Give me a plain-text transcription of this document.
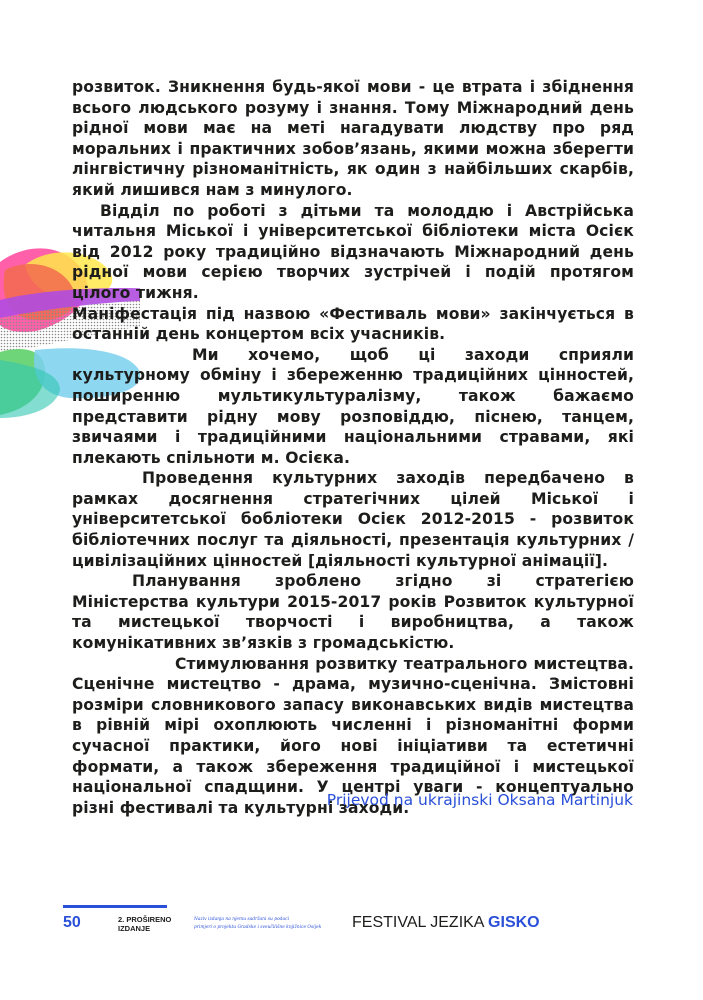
розвиток. Зникнення будь-якої мови - це втрата і збіднення всього людського розуму і знання. Тому Міжнародний день рідної мови має на меті нагадувати людству про ряд моральних і практичних зобов’язань, якими можна зберегти лінгвістичну різноманітність, як один з найбільших скарбів, який лишився нам з минулого.

Відділ по роботі з дітьми та молоддю і Австрійська читальня Міської і університетської бібліотеки міста Осієк від 2012 року традиційно відзначають Міжнародний день рідної мови серією творчих зустрічей і подій протягом цілого тижня.

Маніфестація під назвою «Фестиваль мови» закінчується в останній день концертом всіх учасників.

Ми хочемо, щоб ці заходи сприяли культурному обміну і збереженню традиційних цінностей, поширенню мультикультуралізму, також бажаємо представити рідну мову розповіддю, піснею, танцем, звичаями і традиційними національними стравами, які плекають спільноти м. Осієка.

Проведення культурних заходів передбачено в рамках досягнення стратегічних цілей Міської і університетської бобліотеки Осієк 2012-2015 - розвиток бібліотечних послуг та діяльності, презентація культурних / цивілізаційних цінностей [діяльності культурної анімації].

Планування зроблено згідно зі стратегією Міністерства культури 2015-2017 років Розвиток культурної та мистецької творчості і виробництва, а також комунікативних зв’язків з громадськістю.

Стимулювання розвитку театрального мистецтва. Сценічне мистецтво - драма, музично-сценічна. Змістовні розміри словникового запасу виконавських видів мистецтва в рівній мірі охоплюють численні і різноманітні форми сучасної практики, його нові ініціативи та естетичні формати, а також збереження традиційної і мистецької національної спадщини. У центрі уваги - концептуально різні фестивалі та культурні заходи.

Prijevod na ukrajinski Oksana Martinjuk
50	2. PROŠIRENO
IZDANJE
Naziv izdanja na njemu sadržani su podaci
primjeri o projektu Gradske i sveučilišne knjižnice Osijek	FESTIVAL JEZIKA GISKO
